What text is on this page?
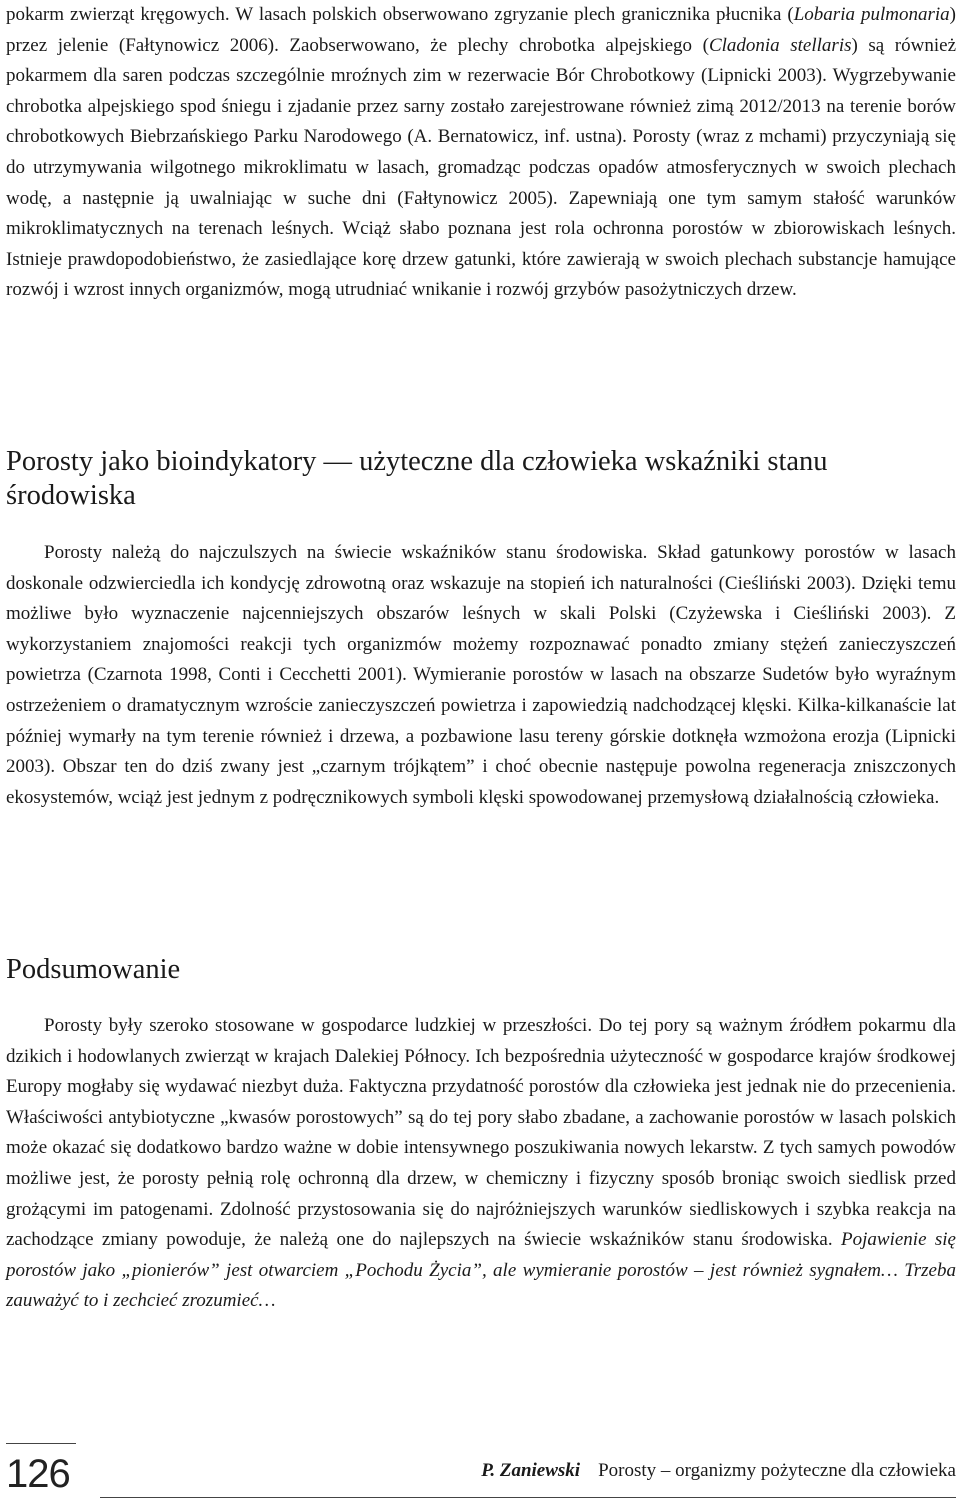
pokarm zwierząt kręgowych. W lasach polskich obserwowano zgryzanie plech granicznika płucnika (Lobaria pulmonaria) przez jelenie (Fałtynowicz 2006). Zaobserwowano, że plechy chrobotka alpejskiego (Cladonia stellaris) są również pokarmem dla saren podczas szczególnie mroźnych zim w rezerwacie Bór Chrobotkowy (Lipnicki 2003). Wygrzebywanie chrobotka alpejskiego spod śniegu i zjadanie przez sarny zostało zarejestrowane również zimą 2012/2013 na terenie borów chrobotkowych Biebrzańskiego Parku Narodowego (A. Bernatowicz, inf. ustna). Porosty (wraz z mchami) przyczyniają się do utrzymywania wilgotnego mikroklimatu w lasach, gromadząc podczas opadów atmosferycznych w swoich plechach wodę, a następnie ją uwalniając w suche dni (Fałtynowicz 2005). Zapewniają one tym samym stałość warunków mikroklimatycznych na terenach leśnych. Wciąż słabo poznana jest rola ochronna porostów w zbiorowiskach leśnych. Istnieje prawdopodobieństwo, że zasiedlające korę drzew gatunki, które zawierają w swoich plechach substancje hamujące rozwój i wzrost innych organizmów, mogą utrudniać wnikanie i rozwój grzybów pasożytniczych drzew.

Porosty jako bioindykatory — użyteczne dla człowieka wskaźniki stanu środowiska

Porosty należą do najczulszych na świecie wskaźników stanu środowiska. Skład gatunkowy porostów w lasach doskonale odzwierciedla ich kondycję zdrowotną oraz wskazuje na stopień ich naturalności (Cieśliński 2003). Dzięki temu możliwe było wyznaczenie najcenniejszych obszarów leśnych w skali Polski (Czyżewska i Cieśliński 2003). Z wykorzystaniem znajomości reakcji tych organizmów możemy rozpoznawać ponadto zmiany stężeń zanieczyszczeń powietrza (Czarnota 1998, Conti i Cecchetti 2001). Wymieranie porostów w lasach na obszarze Sudetów było wyraźnym ostrzeżeniem o dramatycznym wzroście zanieczyszczeń powietrza i zapowiedzią nadchodzącej klęski. Kilka-kilkanaście lat później wymarły na tym terenie również i drzewa, a pozbawione lasu tereny górskie dotknęła wzmożona erozja (Lipnicki 2003). Obszar ten do dziś zwany jest „czarnym trójkątem” i choć obecnie następuje powolna regeneracja zniszczonych ekosystemów, wciąż jest jednym z podręcznikowych symboli klęski spowodowanej przemysłową działalnością człowieka.

Podsumowanie

Porosty były szeroko stosowane w gospodarce ludzkiej w przeszłości. Do tej pory są ważnym źródłem pokarmu dla dzikich i hodowlanych zwierząt w krajach Dalekiej Północy. Ich bezpośrednia użyteczność w gospodarce krajów środkowej Europy mogłaby się wydawać niezbyt duża. Faktyczna przydatność porostów dla człowieka jest jednak nie do przecenienia. Właściwości antybiotyczne „kwasów porostowych” są do tej pory słabo zbadane, a zachowanie porostów w lasach polskich może okazać się dodatkowo bardzo ważne w dobie intensywnego poszukiwania nowych lekarstw. Z tych samych powodów możliwe jest, że porosty pełnią rolę ochronną dla drzew, w chemiczny i fizyczny sposób broniąc swoich siedlisk przed grożącymi im patogenami. Zdolność przystosowania się do najróżniejszych warunków siedliskowych i szybka reakcja na zachodzące zmiany powoduje, że należą one do najlepszych na świecie wskaźników stanu środowiska. Pojawienie się porostów jako „pionierów” jest otwarciem „Pochodu Życia”, ale wymieranie porostów – jest również sygnałem… Trzeba zauważyć to i zechcieć zrozumieć…

126	P. Zaniewski Porosty – organizmy pożyteczne dla człowieka
